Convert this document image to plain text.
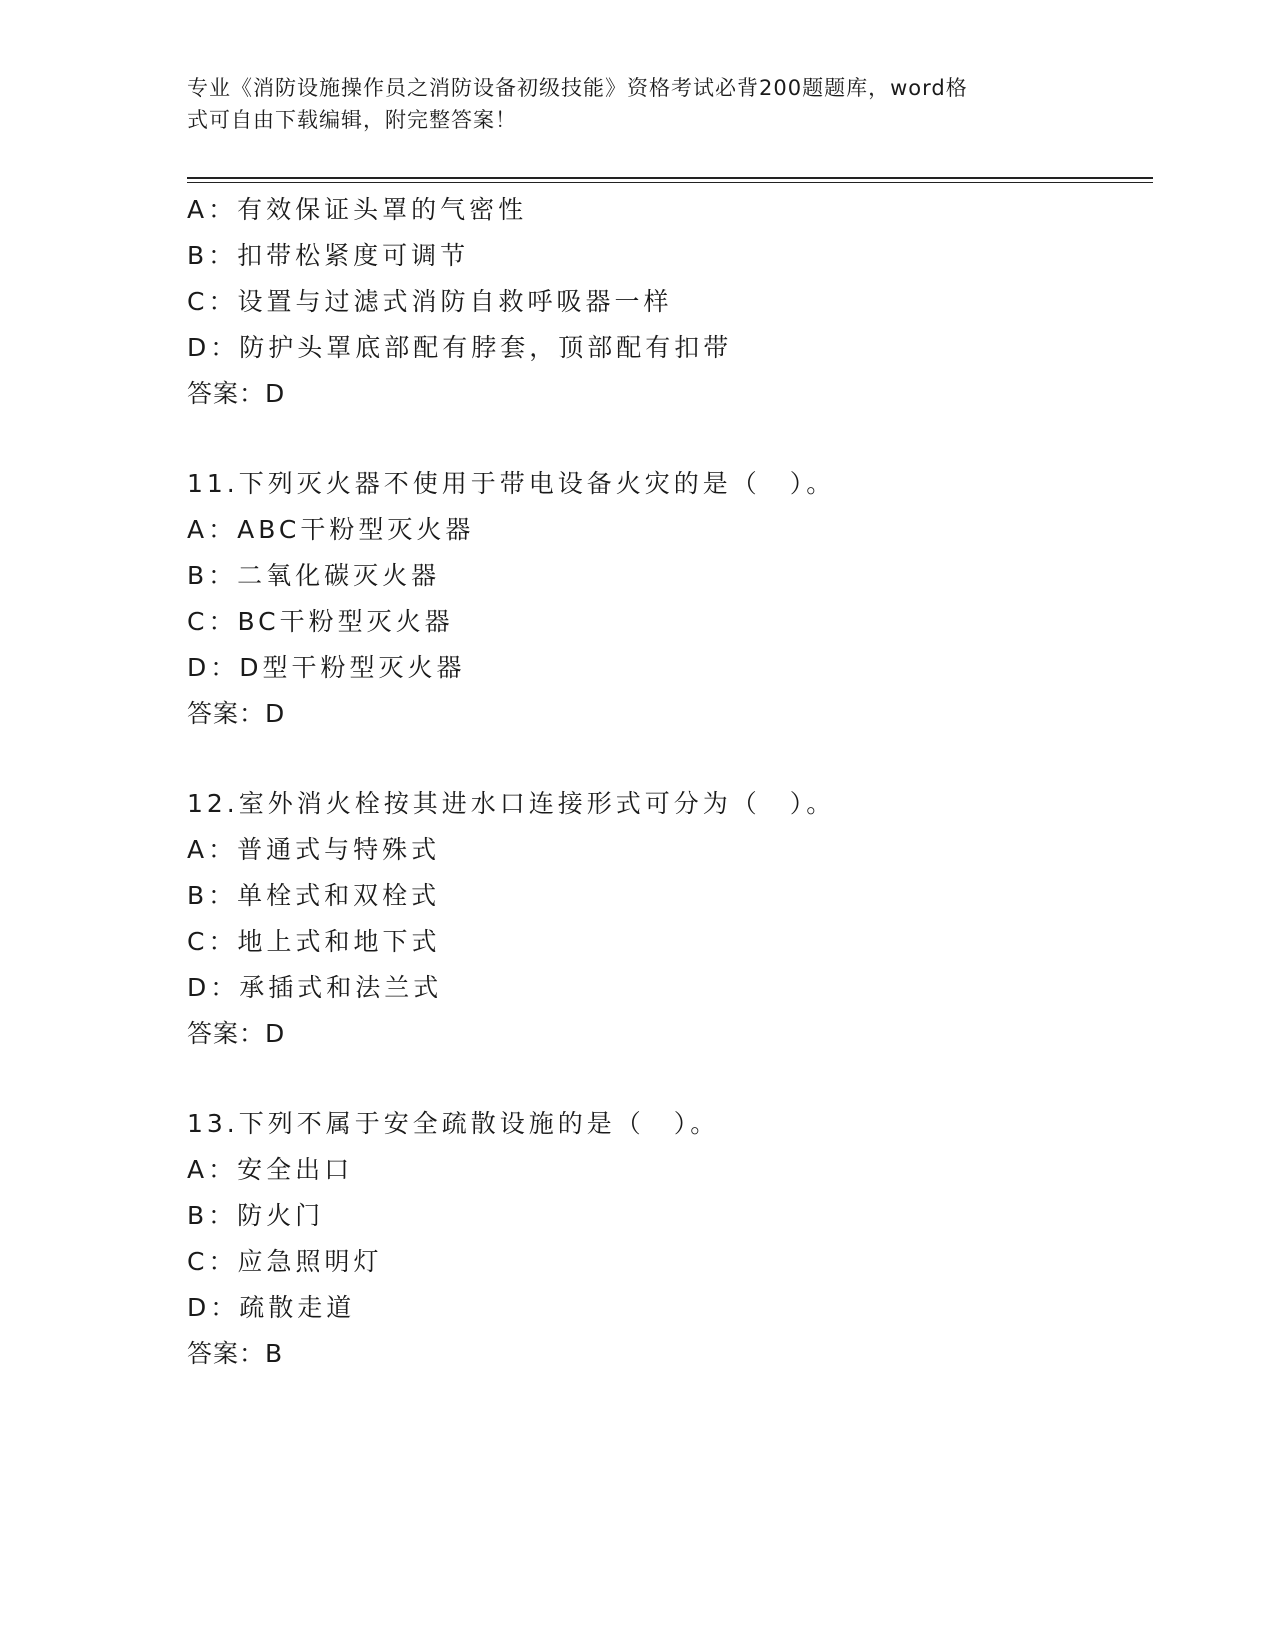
专业《消防设施操作员之消防设备初级技能》资格考试必背200题题库，word格
式可自由下载编辑，附完整答案！
A：有效保证头罩的气密性
B：扣带松紧度可调节
C：设置与过滤式消防自救呼吸器一样
D：防护头罩底部配有脖套，顶部配有扣带
答案：D
11.下列灭火器不使用于带电设备火灾的是（　）。
A：ABC干粉型灭火器
B：二氧化碳灭火器
C：BC干粉型灭火器
D：D型干粉型灭火器
答案：D
12.室外消火栓按其进水口连接形式可分为（　）。
A：普通式与特殊式
B：单栓式和双栓式
C：地上式和地下式
D：承插式和法兰式
答案：D
13.下列不属于安全疏散设施的是（　）。
A：安全出口
B：防火门
C：应急照明灯
D：疏散走道
答案：B
